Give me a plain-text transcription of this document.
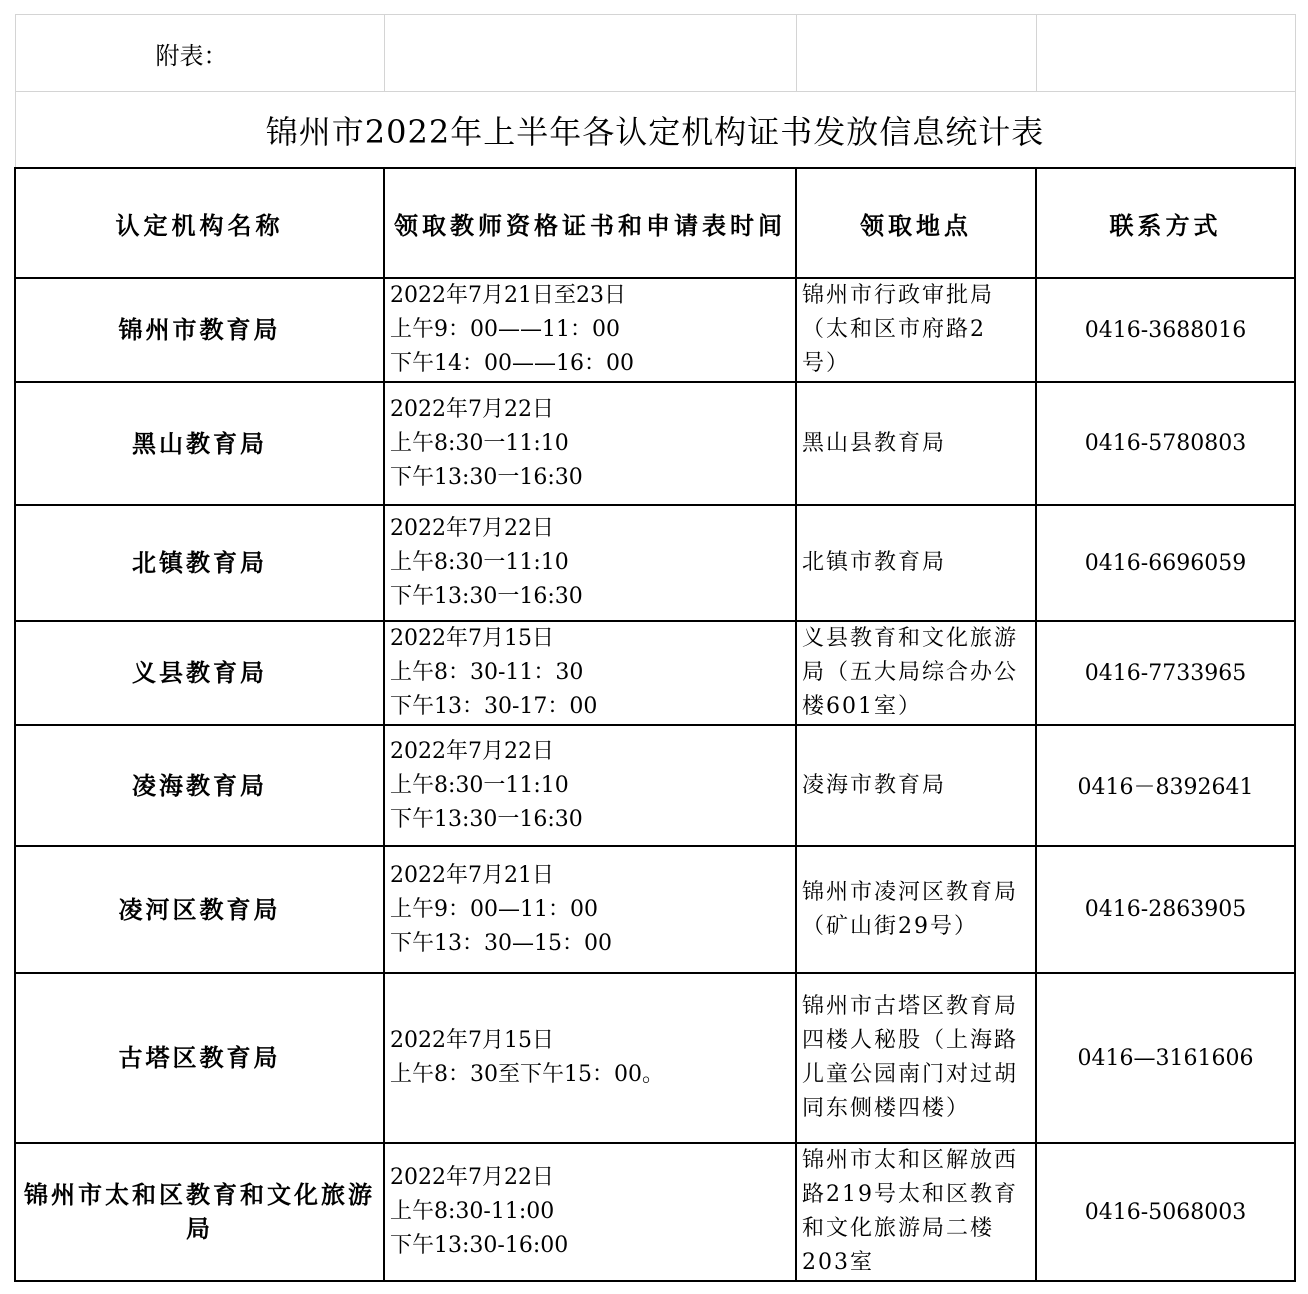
附表：			
锦州市2022年上半年各认定机构证书发放信息统计表			
认定机构名称	领取教师资格证书和申请表时间	领取地点	联系方式
锦州市教育局	2022年7月21日至23日
上午9：00——11：00
下午14：00——16：00	锦州市行政审批局（太和区市府路2号）	0416-3688016
黑山教育局	2022年7月22日
上午8:30一11:10
下午13:30一16:30	黑山县教育局	0416-5780803
北镇教育局	2022年7月22日
上午8:30一11:10
下午13:30一16:30	北镇市教育局	0416-6696059
义县教育局	2022年7月15日
上午8：30-11：30
下午13：30-17：00	义县教育和文化旅游局（五大局综合办公楼601室）	0416-7733965
凌海教育局	2022年7月22日
上午8:30一11:10
下午13:30一16:30	凌海市教育局	0416－8392641
凌河区教育局	2022年7月21日
上午9：00—11：00
下午13：30—15：00	锦州市凌河区教育局（矿山街29号）	0416-2863905
古塔区教育局	2022年7月15日
上午8：30至下午15：00。	锦州市古塔区教育局四楼人秘股（上海路儿童公园南门对过胡同东侧楼四楼）	0416—3161606
锦州市太和区教育和文化旅游局	2022年7月22日
上午8:30-11:00
下午13:30-16:00	锦州市太和区解放西路219号太和区教育和文化旅游局二楼203室	0416-5068003
